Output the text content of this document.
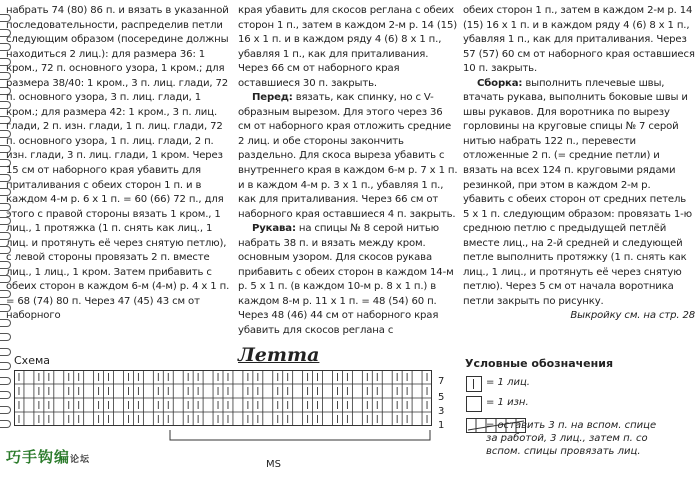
набрать 74 (80) 86 п. и вязать в указанной последовательности, распределив петли следующим образом (посередине должны находиться 2 лиц.): для размера 36: 1 кром., 72 п. основного узора, 1 кром.; для размера 38/40: 1 кром., 3 п. лиц. глади, 72 п. основного узора, 3 п. лиц. глади, 1 кром.; для размера 42: 1 кром., 3 п. лиц. глади, 2 п. изн. глади, 1 п. лиц. глади, 72 п. основного узора, 1 п. лиц. глади, 2 п. изн. глади, 3 п. лиц. глади, 1 кром. Через 15 см от наборного края убавить для приталивания с обеих сторон 1 п. и в каждом 4-м р. 6 х 1 п. = 60 (66) 72 п., для этого с правой стороны вязать 1 кром., 1 лиц., 1 протяжка (1 п. снять как лиц., 1 лиц. и протянуть её через снятую петлю), с левой стороны провязать 2 п. вместе лиц., 1 лиц., 1 кром. Затем прибавить с обеих сторон в каждом 6-м (4-м) р. 4 х 1 п. = 68 (74) 80 п. Через 47 (45) 43 см от наборного

края убавить для скосов реглана с обеих сторон 1 п., затем в каждом 2-м р. 14 (15) 16 х 1 п. и в каждом ряду 4 (6) 8 х 1 п., убавляя 1 п., как для приталивания. Через 66 см от наборного края оставшиеся 30 п. закрыть.

Перед: вязать, как спинку, но с V-образным вырезом. Для этого через 36 см от наборного края отложить средние 2 лиц. и обе стороны закончить раздельно. Для скоса выреза убавить с внутреннего края в каждом 6-м р. 7 х 1 п. и в каждом 4-м р. 3 х 1 п., убавляя 1 п., как для приталивания. Через 66 см от наборного края оставшиеся 4 п. закрыть.

Рукава: на спицы № 8 серой нитью набрать 38 п. и вязать между кром. основным узором. Для скосов рукава прибавить с обеих сторон в каждом 14-м р. 5 х 1 п. (в каждом 10-м р. 8 х 1 п.) в каждом 8-м р. 11 х 1 п. = 48 (54) 60 п. Через 48 (46) 44 см от наборного края убавить для скосов реглана с

обеих сторон 1 п., затем в каждом 2-м р. 14 (15) 16 х 1 п. и в каждом ряду 4 (6) 8 х 1 п., убавляя 1 п., как для приталивания. Через 57 (57) 60 см от наборного края оставшиеся 10 п. закрыть.

Сборка: выполнить плечевые швы, втачать рукава, выполнить боковые швы и швы рукавов. Для воротника по вырезу горловины на круговые спицы № 7 серой нитью набрать 122 п., перевести отложенные 2 п. (= средние петли) и вязать на всех 124 п. круговыми рядами резинкой, при этом в каждом 2-м р. убавить с обеих сторон от средних петель 5 х 1 п. следующим образом: провязать 1-ю среднюю петлю с предыдущей петлёй вместе лиц., на 2-й средней и следующей петле выполнить протяжку (1 п. снять как лиц., 1 лиц., и протянуть её через снятую петлю). Через 5 см от начала воротника петли закрыть по рисунку.

Выкройку см. на стр. 28

Схема	Летта
7
5
3
1
MS
Условные обозначения
= 1 лиц.
= 1 изн.
= оставить 3 п. на вспом. спице за работой, 3 лиц., затем п. со вспом. спицы провязать лиц.
巧手钩编论坛
